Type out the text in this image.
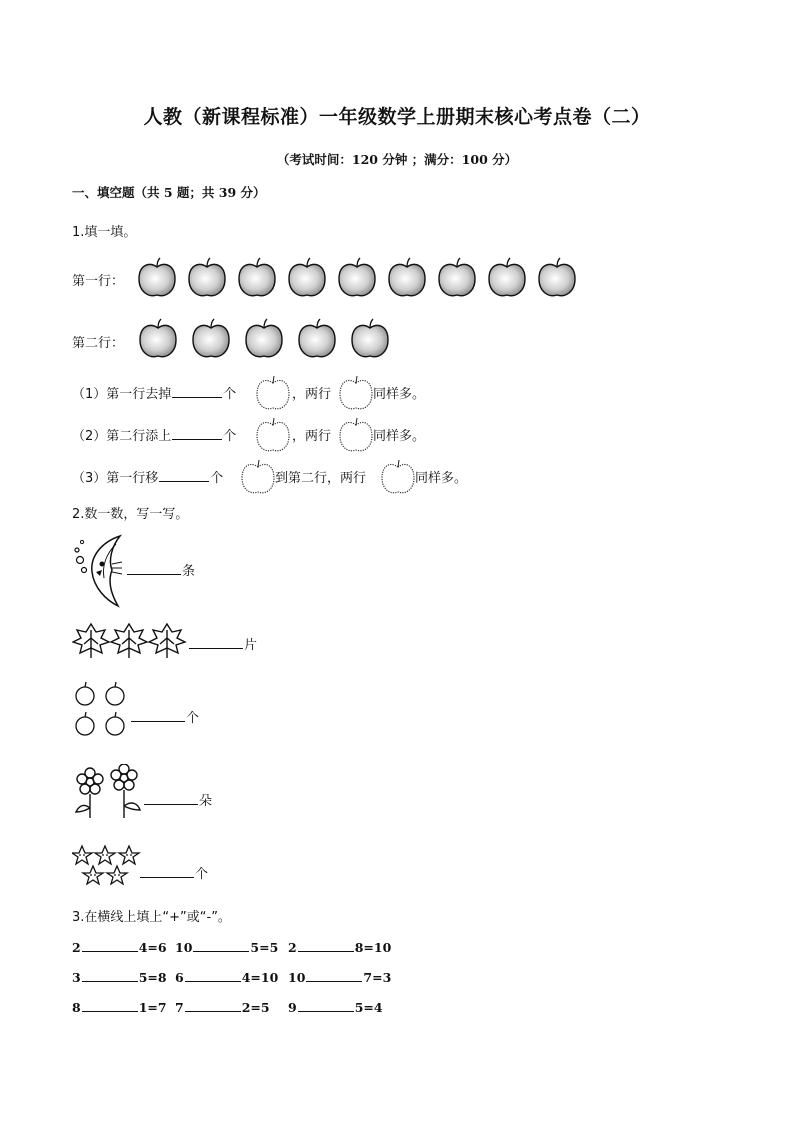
人教（新课程标准）一年级数学上册期末核心考点卷（二）
（考试时间：120 分钟 ；满分：100 分）
一、填空题（共 5 题；共 39 分）
1.填一填。
第一行：
第二行：
（1）第一行去掉	个	，两行	同样多。
（2）第二行添上	个	，两行	同样多。
（3）第一行移	个	到第二行，两行	同样多。
2.数一数，写一写。
条
片
个
朵
个
3.在横线上填上“+”或“-”。
2	4=6 10	5=5 2	8=10
3	5=8 6	4=10 10	7=3
8	1=7 7	2=5 9	5=4
